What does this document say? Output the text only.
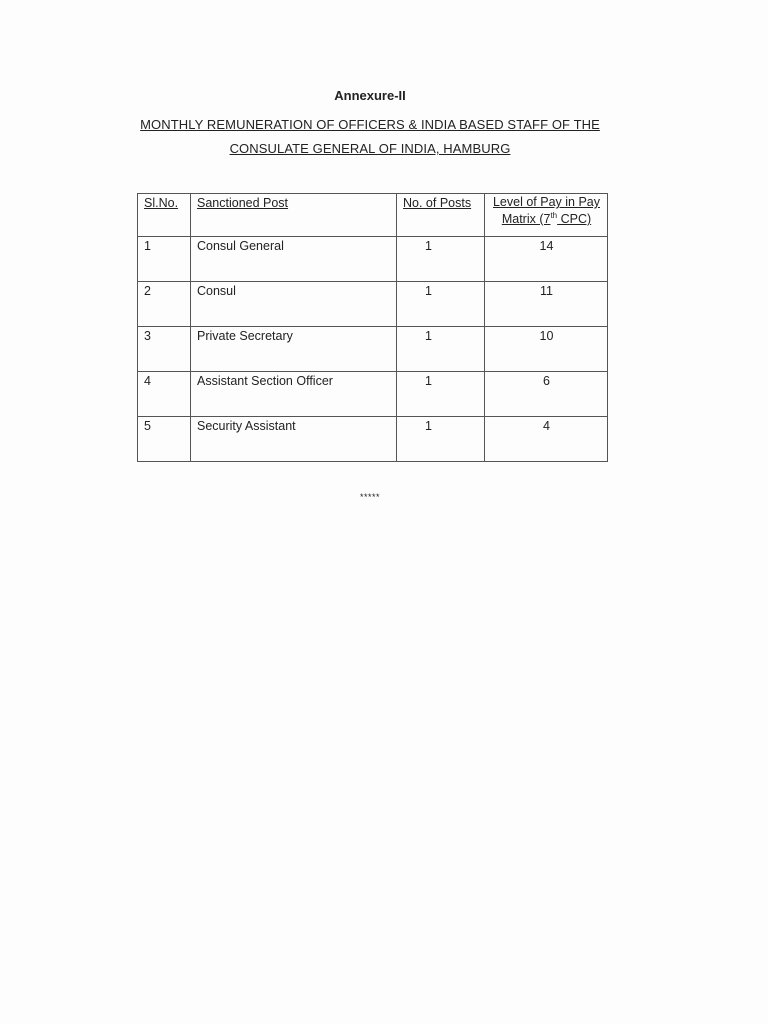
Annexure-II
MONTHLY REMUNERATION OF OFFICERS & INDIA BASED STAFF OF THE
CONSULATE GENERAL OF INDIA, HAMBURG
Sl.No.	Sanctioned Post	No. of Posts	Level of Pay in Pay Matrix (7th CPC)
1	Consul General	1	14
2	Consul	1	11
3	Private Secretary	1	10
4	Assistant Section Officer	1	6
5	Security Assistant	1	4
*****
